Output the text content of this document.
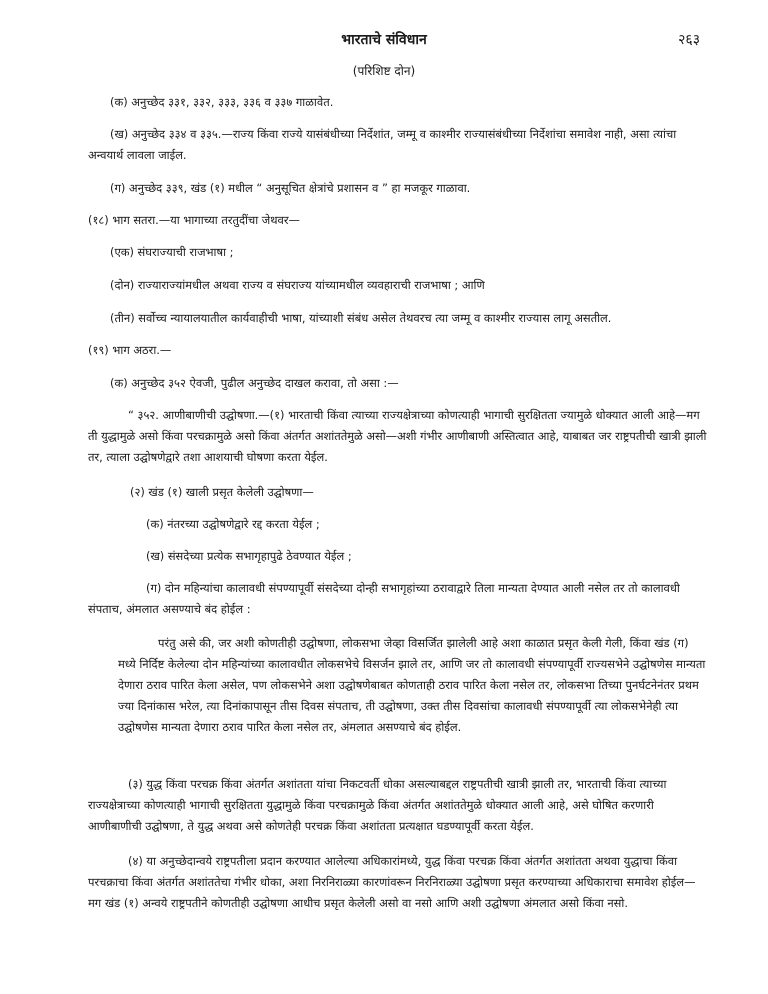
भारताचे संविधान	२६३
(परिशिष्ट दोन)

(क) अनुच्छेद ३३१, ३३२, ३३३, ३३६ व ३३७ गाळावेत.

(ख) अनुच्छेद ३३४ व ३३५.—राज्य किंवा राज्ये यासंबंधीच्या निर्देशांत, जम्मू व काश्मीर राज्यासंबंधीच्या निर्देशांचा समावेश नाही, असा त्यांचा अन्वयार्थ लावला जाईल.

(ग) अनुच्छेद ३३९, खंड (१) मधील “ अनुसूचित क्षेत्रांचे प्रशासन व ” हा मजकूर गाळावा.

(१८) भाग सतरा.—या भागाच्या तरतुदींचा जेथवर—

(एक) संघराज्याची राजभाषा ;

(दोन) राज्याराज्यांमधील अथवा राज्य व संघराज्य यांच्यामधील व्यवहाराची राजभाषा ; आणि

(तीन) सर्वोच्च न्यायालयातील कार्यवाहीची भाषा, यांच्याशी संबंध असेल तेथवरच त्या जम्मू व काश्मीर राज्यास लागू असतील.

(१९) भाग अठरा.—

(क) अनुच्छेद ३५२ ऐवजी, पुढील अनुच्छेद दाखल करावा, तो असा :—

“ ३५२. आणीबाणीची उद्घोषणा.—(१) भारताची किंवा त्याच्या राज्यक्षेत्राच्या कोणत्याही भागाची सुरक्षितता ज्यामुळे धोक्यात आली आहे—मग ती युद्धामुळे असो किंवा परचक्रामुळे असो किंवा अंतर्गत अशांततेमुळे असो—अशी गंभीर आणीबाणी अस्तित्वात आहे, याबाबत जर राष्ट्रपतीची खात्री झाली तर, त्याला उद्घोषणेद्वारे तशा आशयाची घोषणा करता येईल.

(२) खंड (१) खाली प्रसृत केलेली उद्घोषणा—

(क) नंतरच्या उद्घोषणेद्वारे रद्द करता येईल ;

(ख) संसदेच्या प्रत्येक सभागृहापुढे ठेवण्यात येईल ;

(ग) दोन महिन्यांचा कालावधी संपण्यापूर्वी संसदेच्या दोन्ही सभागृहांच्या ठरावाद्वारे तिला मान्यता देण्यात आली नसेल तर तो कालावधी संपताच, अंमलात असण्याचे बंद होईल :

परंतु असे की, जर अशी कोणतीही उद्घोषणा, लोकसभा जेव्हा विसर्जित झालेली आहे अशा काळात प्रसृत केली गेली, किंवा खंड (ग) मध्ये निर्दिष्ट केलेल्या दोन महिन्यांच्या कालावधीत लोकसभेचे विसर्जन झाले तर, आणि जर तो कालावधी संपण्यापूर्वी राज्यसभेने उद्घोषणेस मान्यता देणारा ठराव पारित केला असेल, पण लोकसभेने अशा उद्घोषणेबाबत कोणताही ठराव पारित केला नसेल तर, लोकसभा तिच्या पुनर्घटनेनंतर प्रथम ज्या दिनांकास भरेल, त्या दिनांकापासून तीस दिवस संपताच, ती उद्घोषणा, उक्त तीस दिवसांचा कालावधी संपण्यापूर्वी त्या लोकसभेनेही त्या उद्घोषणेस मान्यता देणारा ठराव पारित केला नसेल तर, अंमलात असण्याचे बंद होईल.

(३) युद्ध किंवा परचक्र किंवा अंतर्गत अशांतता यांचा निकटवर्ती धोका असल्याबद्दल राष्ट्रपतीची खात्री झाली तर, भारताची किंवा त्याच्या राज्यक्षेत्राच्या कोणत्याही भागाची सुरक्षितता युद्धामुळे किंवा परचक्रामुळे किंवा अंतर्गत अशांततेमुळे धोक्यात आली आहे, असे घोषित करणारी आणीबाणीची उद्घोषणा, ते युद्ध अथवा असे कोणतेही परचक्र किंवा अशांतता प्रत्यक्षात घडण्यापूर्वी करता येईल.

(४) या अनुच्छेदान्वये राष्ट्रपतीला प्रदान करण्यात आलेल्या अधिकारांमध्ये, युद्ध किंवा परचक्र किंवा अंतर्गत अशांतता अथवा युद्धाचा किंवा परचक्राचा किंवा अंतर्गत अशांततेचा गंभीर धोका, अशा निरनिराळ्या कारणांवरून निरनिराळ्या उद्घोषणा प्रसृत करण्याच्या अधिकाराचा समावेश होईल—मग खंड (१) अन्वये राष्ट्रपतीने कोणतीही उद्घोषणा आधीच प्रसृत केलेली असो वा नसो आणि अशी उद्घोषणा अंमलात असो किंवा नसो.
